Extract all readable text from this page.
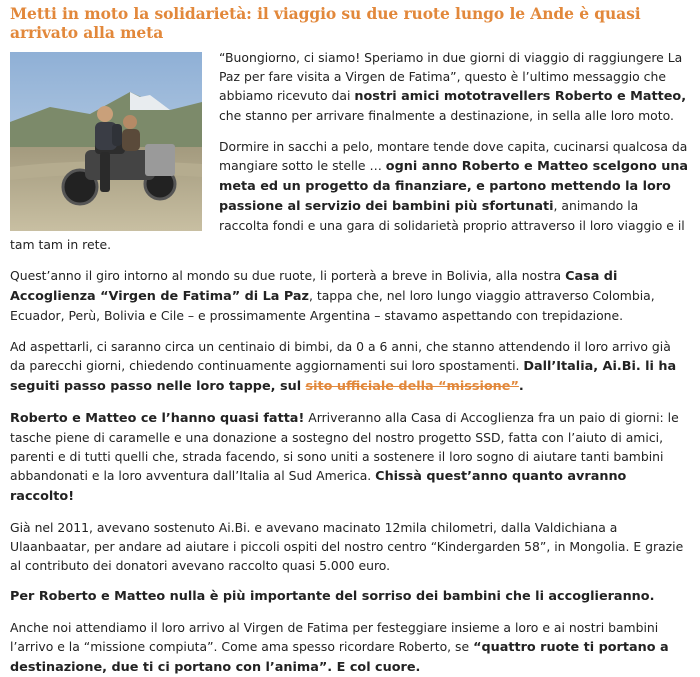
Metti in moto la solidarietà: il viaggio su due ruote lungo le Ande è quasi arrivato alla meta

“Buongiorno, ci siamo! Speriamo in due giorni di viaggio di raggiungere La Paz per fare visita a Virgen de Fatima”, questo è l’ultimo messaggio che abbiamo ricevuto dai nostri amici mototravellers Roberto e Matteo, che stanno per arrivare finalmente a destinazione, in sella alle loro moto.

Dormire in sacchi a pelo, montare tende dove capita, cucinarsi qualcosa da mangiare sotto le stelle … ogni anno Roberto e Matteo scelgono una meta ed un progetto da finanziare, e partono mettendo la loro passione al servizio dei bambini più sfortunati, animando la raccolta fondi e una gara di solidarietà proprio attraverso il loro viaggio e il tam tam in rete.

Quest’anno il giro intorno al mondo su due ruote, li porterà a breve in Bolivia, alla nostra Casa di Accoglienza “Virgen de Fatima” di La Paz, tappa che, nel loro lungo viaggio attraverso Colombia, Ecuador, Perù, Bolivia e Cile – e prossimamente Argentina – stavamo aspettando con trepidazione.

Ad aspettarli, ci saranno circa un centinaio di bimbi, da 0 a 6 anni, che stanno attendendo il loro arrivo già da parecchi giorni, chiedendo continuamente aggiornamenti sui loro spostamenti. Dall’Italia, Ai.Bi. li ha seguiti passo passo nelle loro tappe, sul sito ufficiale della “missione”.

Roberto e Matteo ce l’hanno quasi fatta! Arriveranno alla Casa di Accoglienza fra un paio di giorni: le tasche piene di caramelle e una donazione a sostegno del nostro progetto SSD, fatta con l’aiuto di amici, parenti e di tutti quelli che, strada facendo, si sono uniti a sostenere il loro sogno di aiutare tanti bambini abbandonati e la loro avventura dall’Italia al Sud America. Chissà quest’anno quanto avranno raccolto!

Già nel 2011, avevano sostenuto Ai.Bi. e avevano macinato 12mila chilometri, dalla Valdichiana a Ulaanbaatar, per andare ad aiutare i piccoli ospiti del nostro centro “Kindergarden 58”, in Mongolia. E grazie al contributo dei donatori avevano raccolto quasi 5.000 euro.

Per Roberto e Matteo nulla è più importante del sorriso dei bambini che li accoglieranno.

Anche noi attendiamo il loro arrivo al Virgen de Fatima per festeggiare insieme a loro e ai nostri bambini l’arrivo e la “missione compiuta”. Come ama spesso ricordare Roberto, se “quattro ruote ti portano a destinazione, due ti ci portano con l’anima”. E col cuore.
